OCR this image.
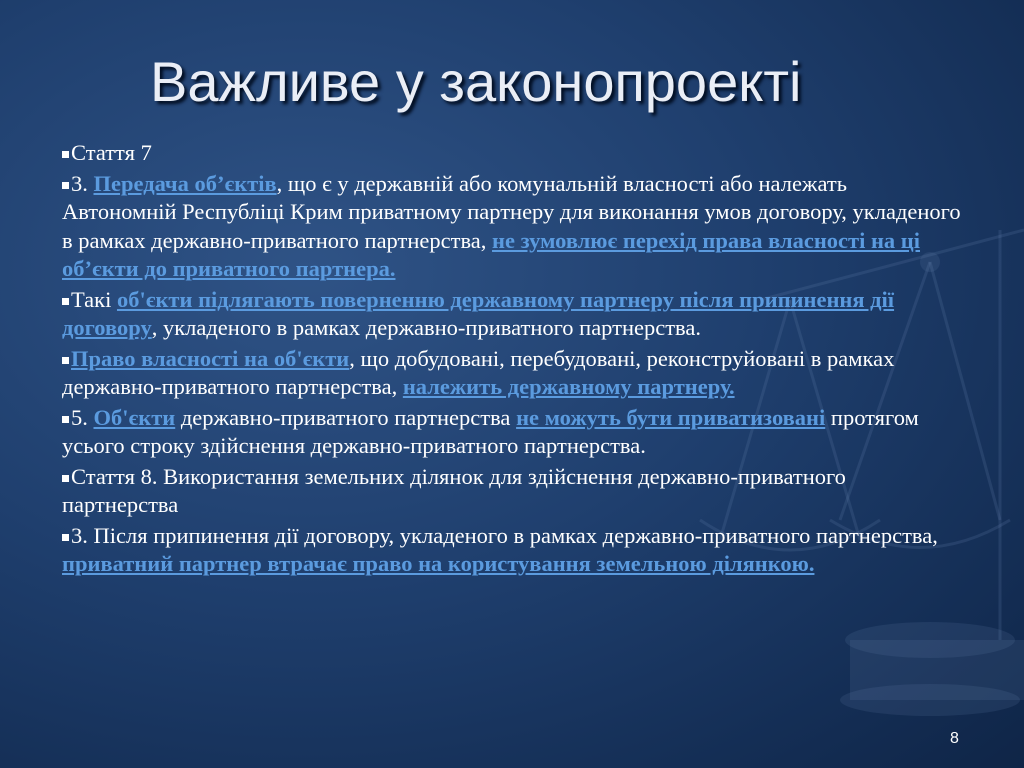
Важливе у законопроекті

Стаття 7

3. Передача об’єктів, що є у державній або комунальній власності або належать Автономній Республіці Крим приватному партнеру для виконання умов договору, укладеного в рамках державно-приватного партнерства, не зумовлює перехід права власності на ці об’єкти до приватного партнера.

Такі об'єкти підлягають поверненню державному партнеру після припинення дії договору, укладеного в рамках державно-приватного партнерства.

Право власності на об'єкти, що добудовані, перебудовані, реконструйовані в рамках державно-приватного партнерства, належить державному партнеру.

5. Об'єкти державно-приватного партнерства не можуть бути приватизовані протягом усього строку здійснення державно-приватного партнерства.

Стаття 8. Використання земельних ділянок для здійснення державно-приватного партнерства

3. Після припинення дії договору, укладеного в рамках державно-приватного партнерства, приватний партнер втрачає право на користування земельною ділянкою.

8
